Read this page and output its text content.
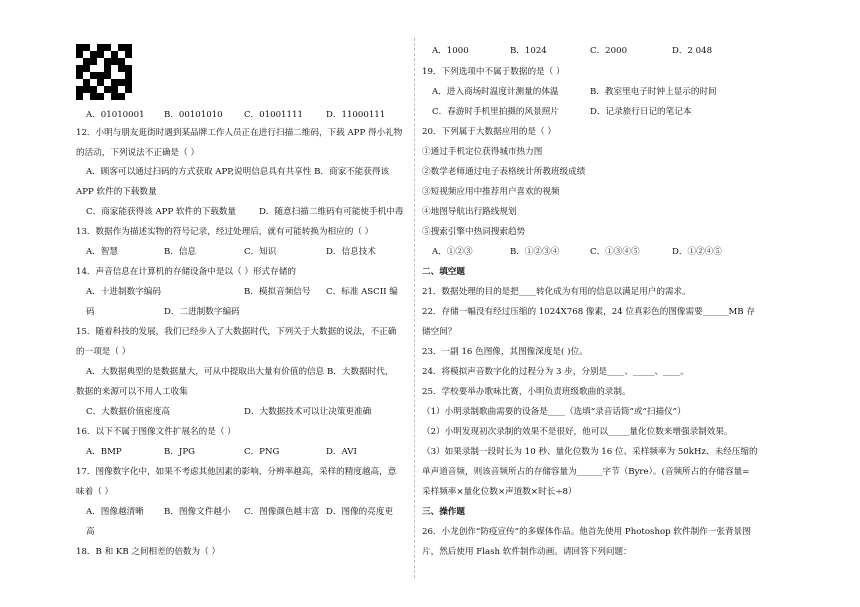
A．01010001 B．00101010 C．01001111	D．11000111
12．小明与朋友逛街时遇到某品牌工作人员正在进行扫描二维码，下载 APP 得小礼物
的活动，下列说法不正确是（ ）
A．顾客可以通过扫码的方式获取 APP,说明信息具有共享性 B．商家不能获得该
APP 软件的下载数量
C．商家能获得该 APP 软件的下载数量	D．随意扫描二维码有可能使手机中毒
13．数据作为描述实物的符号记录，经过处理后，就有可能转换为相应的（ ）
A．智慧	B．信息	C．知识	D．信息技术
14．声音信息在计算机的存储设备中是以（ ）形式存储的
A．十进制数字编码	B．模拟音频信号 C．标准 ASCII 编
码	D．二进制数字编码
15．随着科技的发展，我们已经步入了大数据时代，下列关于大数据的说法，不正确
的一项是（ ）
A．大数据典型的是数据量大，可从中提取出大量有价值的信息 B．大数据时代，
数据的来源可以不用人工收集
C．大数据价值密度高	D．大数据技术可以让决策更准确
16．以下不属于图像文件扩展名的是（ ）
A．BMP	B．JPG	C．PNG	D．AVI
17．图像数字化中，如果不考虑其他因素的影响，分辨率越高，采样的精度越高，意
味着（ ）
A．图像越清晰 B．图像文件越小 C．图像颜色越丰富 D．图像的亮度更
高
18．B 和 KB 之间相差的倍数为（ ）
A．1000	B．1024	C．2000	D．2 048
19．下列选项中不属于数据的是（ ）
A．进入商场时温度计测量的体温	B．教室里电子时钟上显示的时间
C．春游时手机里拍摄的风景照片	D．记录旅行日记的笔记本
20．下列属于大数据应用的是（ ）
①通过手机定位获得城市热力图
②数学老师通过电子表格统计所教班级成绩
③短视频应用中推荐用户喜欢的视频
④地图导航出行路线规划
⑤搜索引擎中热词搜索趋势
A．①②③	B．①②③④	C．①③④⑤	D．①②④⑤
二、填空题
21．数据处理的目的是把____转化成为有用的信息以满足用户的需求。
22．存储一幅没有经过压缩的 1024X768 像素，24 位真彩色的图像需要______MB 存
储空间？
23．一副 16 色图像，其图像深度是( )位。
24．将模拟声音数字化的过程分为 3 步，分别是____、_____、____。
25．学校要举办歌咏比赛，小明负责班级歌曲的录制。
（1）小明录制歌曲需要的设备是____（选填“录音话筒”或“扫描仪”）
（2）小明发现初次录制的效果不是很好，他可以_____量化位数来增强录制效果。
（3）如果录制一段时长为 10 秒、量化位数为 16 位、采样频率为 50kHz、未经压缩的
单声道音频，则该音频所占的存储容量为______字节（Byre）。(音频所占的存储容量=
采样频率×量化位数×声道数×时长÷8）
三、操作题
26．小龙创作“防疫宣传”的多媒体作品。他首先使用 Photoshop 软件制作一张背景图
片，然后使用 Flash 软件制作动画。请回答下列问题：
